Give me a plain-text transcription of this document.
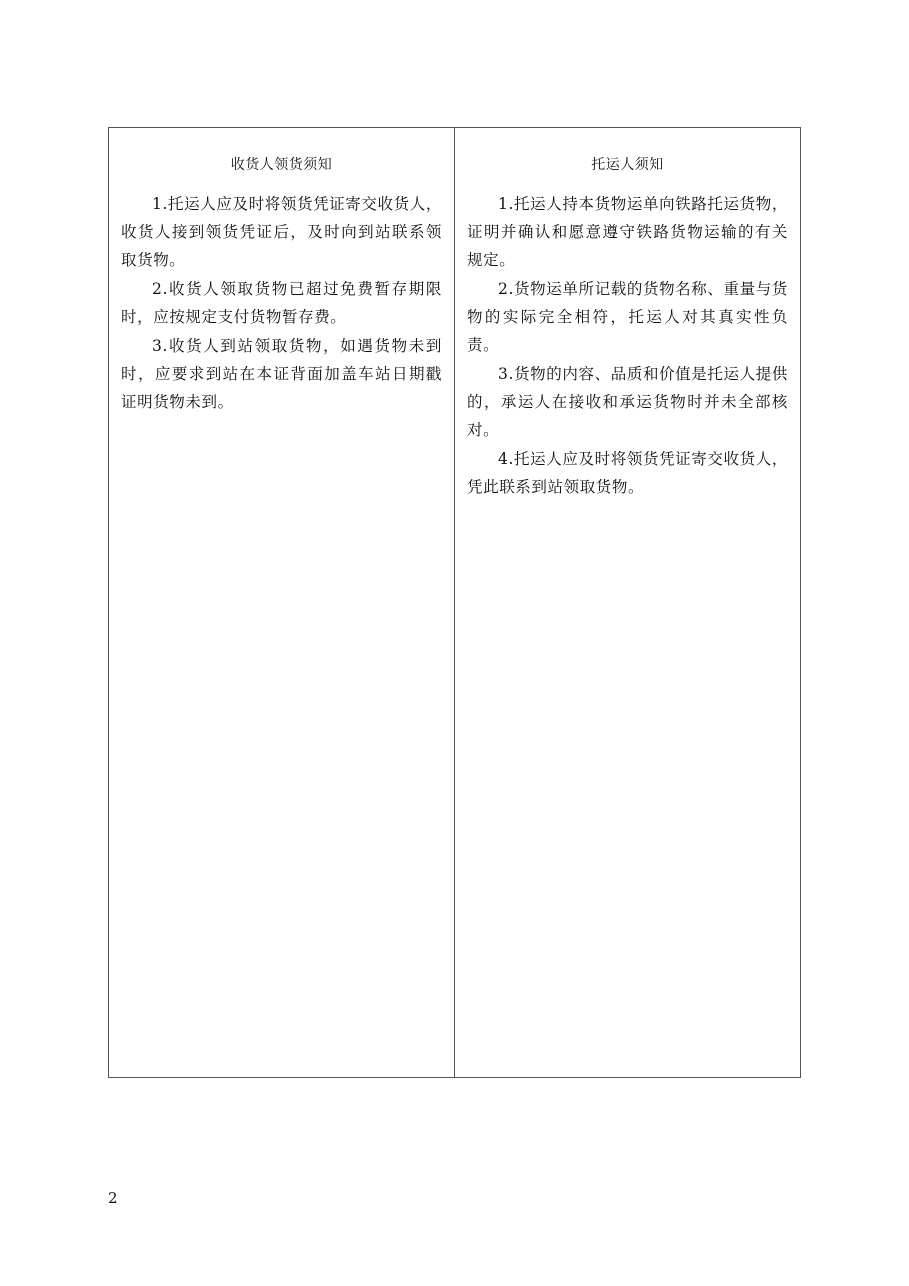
收货人领货须知

1.托运人应及时将领货凭证寄交收货人，收货人接到领货凭证后，及时向到站联系领取货物。

2.收货人领取货物已超过免费暂存期限时，应按规定支付货物暂存费。

3.收货人到站领取货物，如遇货物未到时，应要求到站在本证背面加盖车站日期戳证明货物未到。

托运人须知

1.托运人持本货物运单向铁路托运货物，证明并确认和愿意遵守铁路货物运输的有关规定。

2.货物运单所记载的货物名称、重量与货物的实际完全相符，托运人对其真实性负责。

3.货物的内容、品质和价值是托运人提供的，承运人在接收和承运货物时并未全部核对。

4.托运人应及时将领货凭证寄交收货人，凭此联系到站领取货物。

2
